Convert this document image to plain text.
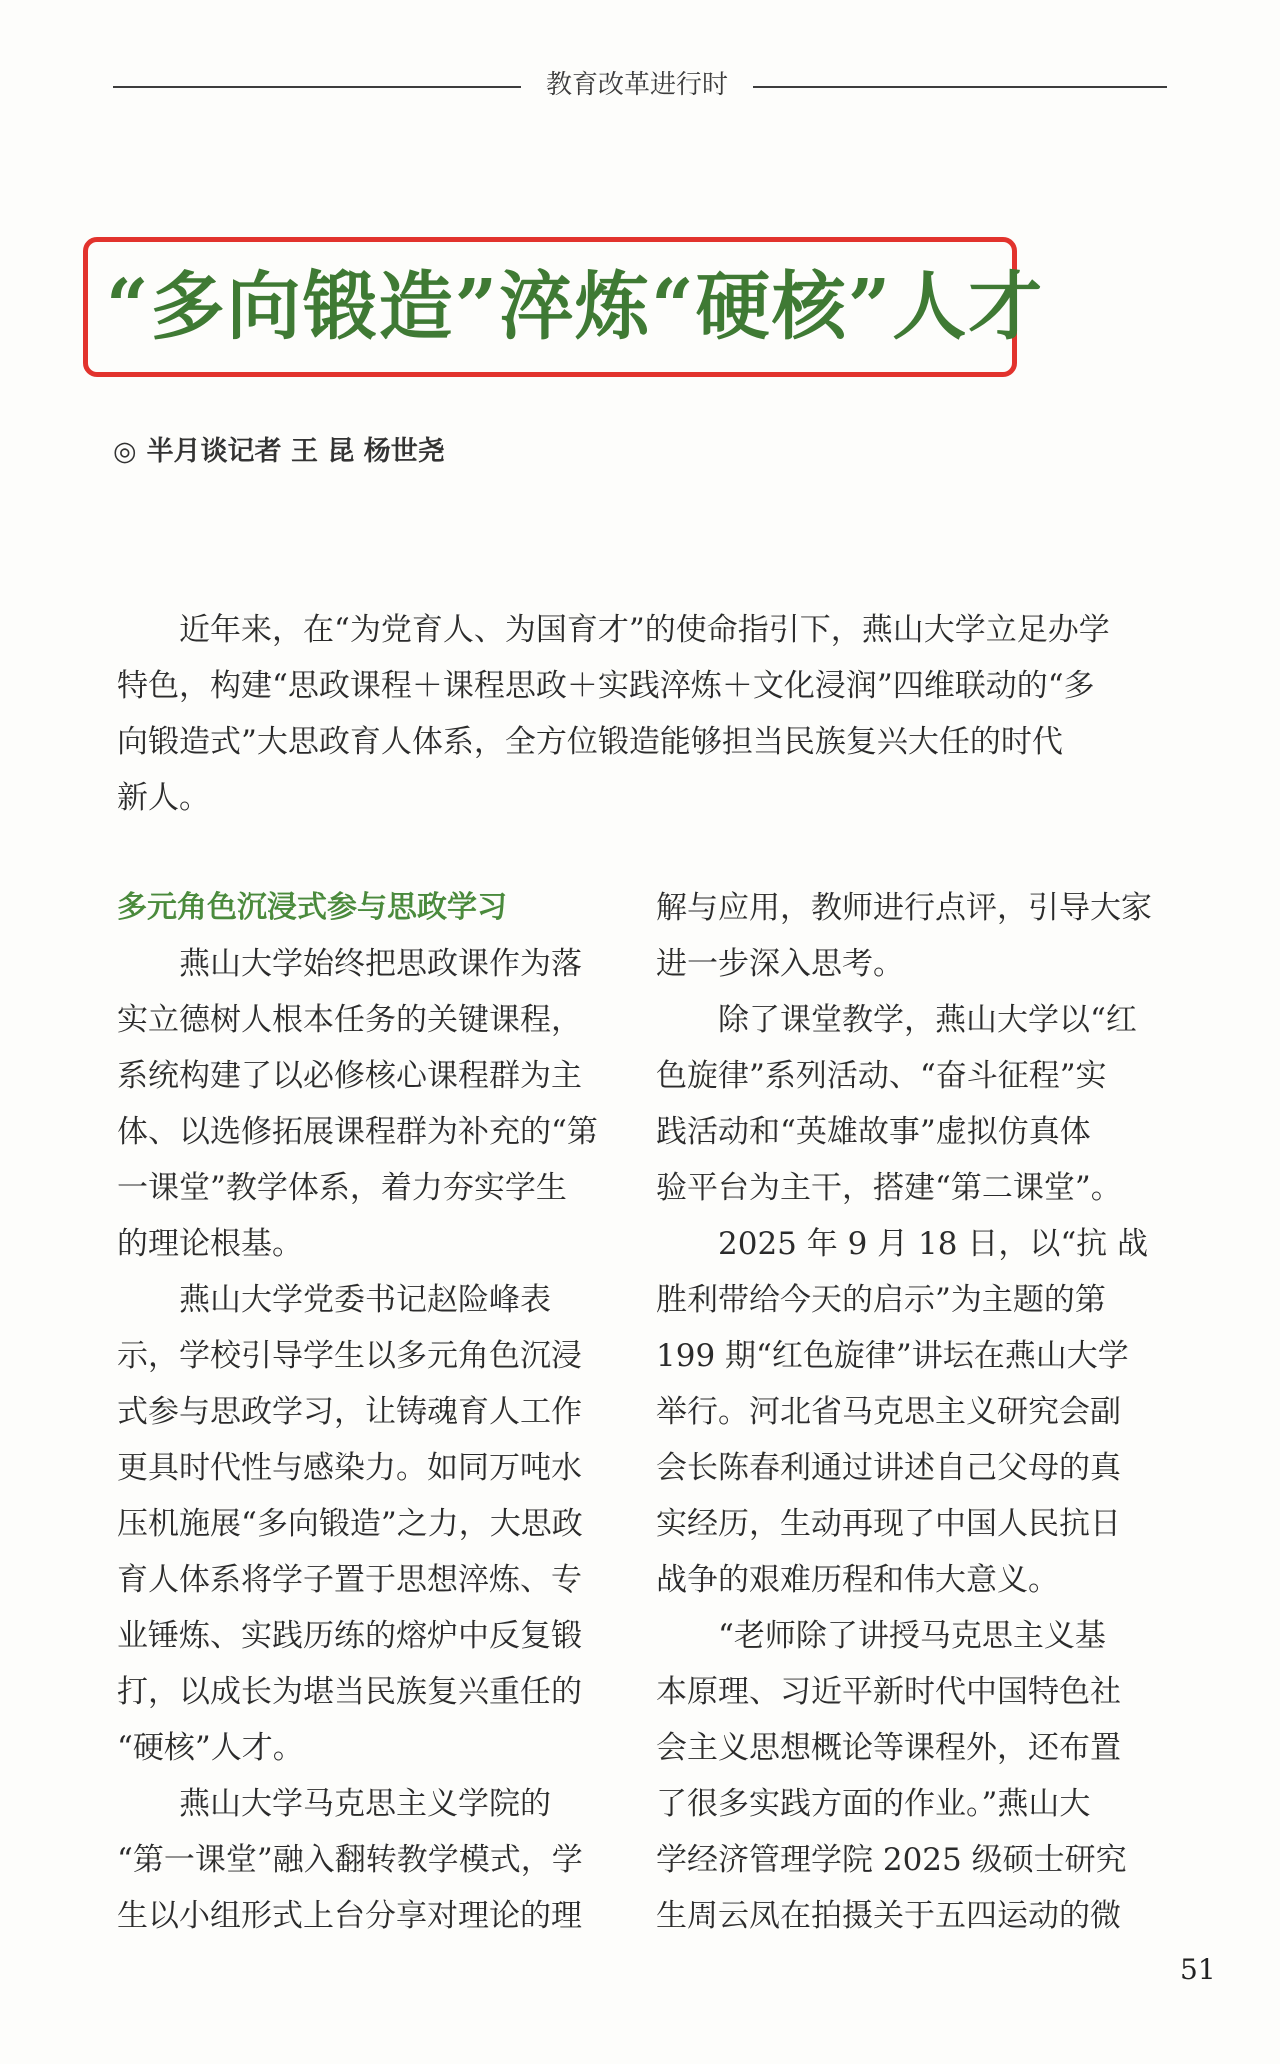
教育改革进行时
“多向锻造”淬炼“硬核”人才
◎ 半月谈记者 王 昆 杨世尧
　　近年来，在“为党育人、为国育才”的使命指引下，燕山大学立足办学
特色，构建“思政课程＋课程思政＋实践淬炼＋文化浸润”四维联动的“多
向锻造式”大思政育人体系，全方位锻造能够担当民族复兴大任的时代
新人。
多元角色沉浸式参与思政学习
　　燕山大学始终把思政课作为落
实立德树人根本任务的关键课程，
系统构建了以必修核心课程群为主
体、以选修拓展课程群为补充的“第
一课堂”教学体系，着力夯实学生
的理论根基。
　　燕山大学党委书记赵险峰表
示，学校引导学生以多元角色沉浸
式参与思政学习，让铸魂育人工作
更具时代性与感染力。如同万吨水
压机施展“多向锻造”之力，大思政
育人体系将学子置于思想淬炼、专
业锤炼、实践历练的熔炉中反复锻
打，以成长为堪当民族复兴重任的
“硬核”人才。
　　燕山大学马克思主义学院的
“第一课堂”融入翻转教学模式，学
生以小组形式上台分享对理论的理
解与应用，教师进行点评，引导大家
进一步深入思考。
　　除了课堂教学，燕山大学以“红
色旋律”系列活动、“奋斗征程”实
践活动和“英雄故事”虚拟仿真体
验平台为主干，搭建“第二课堂”。
　　2025 年 9 月 18 日，以“抗 战
胜利带给今天的启示”为主题的第
199 期“红色旋律”讲坛在燕山大学
举行。河北省马克思主义研究会副
会长陈春利通过讲述自己父母的真
实经历，生动再现了中国人民抗日
战争的艰难历程和伟大意义。
　　“老师除了讲授马克思主义基
本原理、习近平新时代中国特色社
会主义思想概论等课程外，还布置
了很多实践方面的作业。”燕山大
学经济管理学院 2025 级硕士研究
生周云凤在拍摄关于五四运动的微
51
